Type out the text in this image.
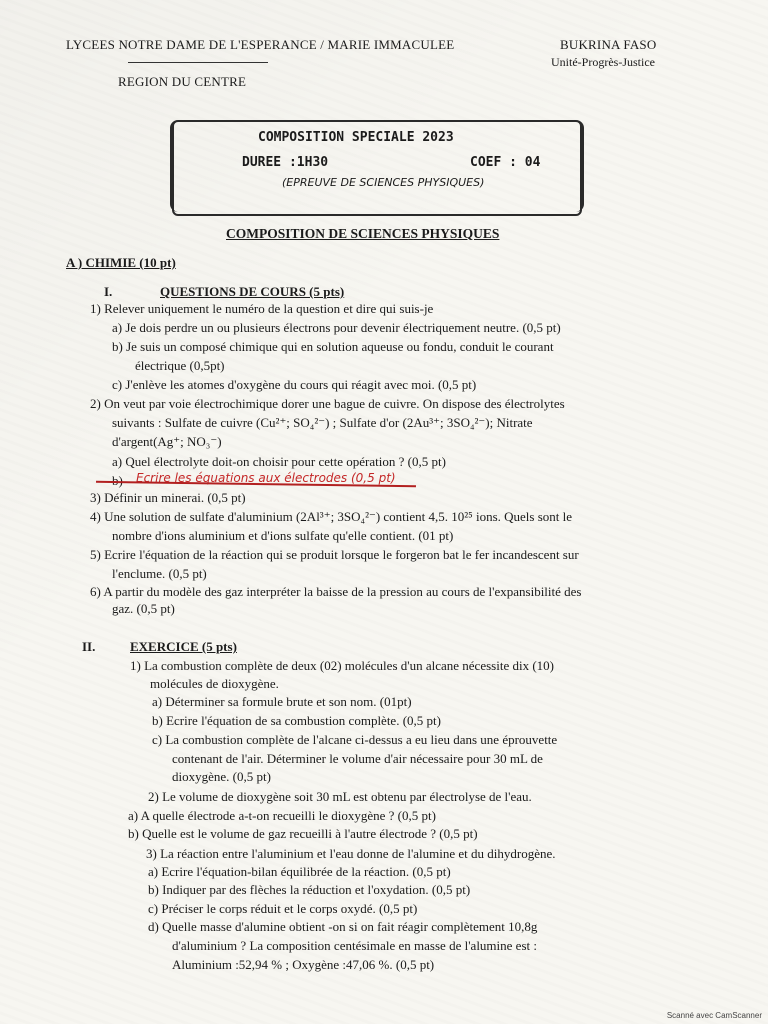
LYCEES NOTRE DAME DE L'ESPERANCE / MARIE IMMACULEE
REGION DU CENTRE
BUKRINA FASO
Unité-Progrès-Justice
COMPOSITION SPECIALE 2023
DUREE :1H30	COEF : 04
(EPREUVE DE SCIENCES PHYSIQUES)
COMPOSITION DE SCIENCES PHYSIQUES
A ) CHIMIE (10 pt)
I.	QUESTIONS DE COURS (5 pts)
1) Relever uniquement le numéro de la question et dire qui suis-je
a) Je dois perdre un ou plusieurs électrons pour devenir électriquement neutre. (0,5 pt)
b) Je suis un composé chimique qui en solution aqueuse ou fondu, conduit le courant
électrique (0,5pt)
c) J'enlève les atomes d'oxygène du cours qui réagit avec moi. (0,5 pt)
2) On veut par voie électrochimique dorer une bague de cuivre. On dispose des électrolytes
suivants : Sulfate de cuivre (Cu²⁺; SO₄²⁻) ; Sulfate d'or (2Au³⁺; 3SO₄²⁻); Nitrate
d'argent(Ag⁺; NO₃⁻)
a) Quel électrolyte doit-on choisir pour cette opération ? (0,5 pt)
b) Ecrire les équations aux électrodes (0,5 pt)
3) Définir un minerai. (0,5 pt)
4) Une solution de sulfate d'aluminium (2Al³⁺; 3SO₄²⁻) contient 4,5. 10²⁵ ions. Quels sont le
nombre d'ions aluminium et d'ions sulfate qu'elle contient. (01 pt)
5) Ecrire l'équation de la réaction qui se produit lorsque le forgeron bat le fer incandescent sur
l'enclume. (0,5 pt)
6) A partir du modèle des gaz interpréter la baisse de la pression au cours de l'expansibilité des
gaz. (0,5 pt)
II.	EXERCICE (5 pts)
1) La combustion complète de deux (02) molécules d'un alcane nécessite dix (10)
molécules de dioxygène.
a) Déterminer sa formule brute et son nom. (01pt)
b) Ecrire l'équation de sa combustion complète. (0,5 pt)
c) La combustion complète de l'alcane ci-dessus a eu lieu dans une éprouvette
contenant de l'air. Déterminer le volume d'air nécessaire pour 30 mL de
dioxygène. (0,5 pt)
2) Le volume de dioxygène soit 30 mL est obtenu par électrolyse de l'eau.
a) A quelle électrode a-t-on recueilli le dioxygène ? (0,5 pt)
b) Quelle est le volume de gaz recueilli à l'autre électrode ? (0,5 pt)
3) La réaction entre l'aluminium et l'eau donne de l'alumine et du dihydrogène.
a) Ecrire l'équation-bilan équilibrée de la réaction. (0,5 pt)
b) Indiquer par des flèches la réduction et l'oxydation. (0,5 pt)
c) Préciser le corps réduit et le corps oxydé. (0,5 pt)
d) Quelle masse d'alumine obtient -on si on fait réagir complètement 10,8g
d'aluminium ? La composition centésimale en masse de l'alumine est :
Aluminium :52,94 % ; Oxygène :47,06 %. (0,5 pt)
Scanné avec CamScanner
